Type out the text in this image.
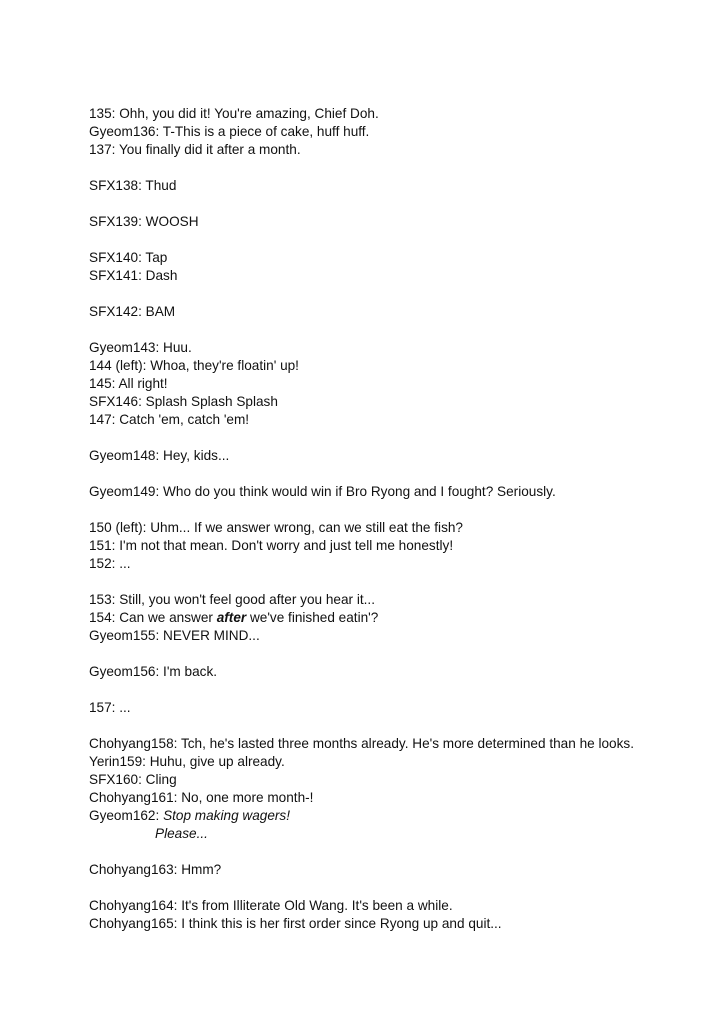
135: Ohh, you did it! You're amazing, Chief Doh.
Gyeom136: T-This is a piece of cake, huff huff.
137: You finally did it after a month.
SFX138: Thud
SFX139: WOOSH
SFX140: Tap
SFX141: Dash
SFX142: BAM
Gyeom143: Huu.
144 (left): Whoa, they're floatin' up!
145: All right!
SFX146: Splash Splash Splash
147: Catch 'em, catch 'em!
Gyeom148: Hey, kids...
Gyeom149: Who do you think would win if Bro Ryong and I fought? Seriously.
150 (left): Uhm... If we answer wrong, can we still eat the fish?
151: I'm not that mean. Don't worry and just tell me honestly!
152: ...
153: Still, you won't feel good after you hear it...
154: Can we answer after we've finished eatin'?
Gyeom155: NEVER MIND...
Gyeom156: I'm back.
157: ...
Chohyang158: Tch, he's lasted three months already. He's more determined than he looks.
Yerin159: Huhu, give up already.
SFX160: Cling
Chohyang161: No, one more month-!
Gyeom162: Stop making wagers!
Please...
Chohyang163: Hmm?
Chohyang164: It's from Illiterate Old Wang. It's been a while.
Chohyang165: I think this is her first order since Ryong up and quit...
